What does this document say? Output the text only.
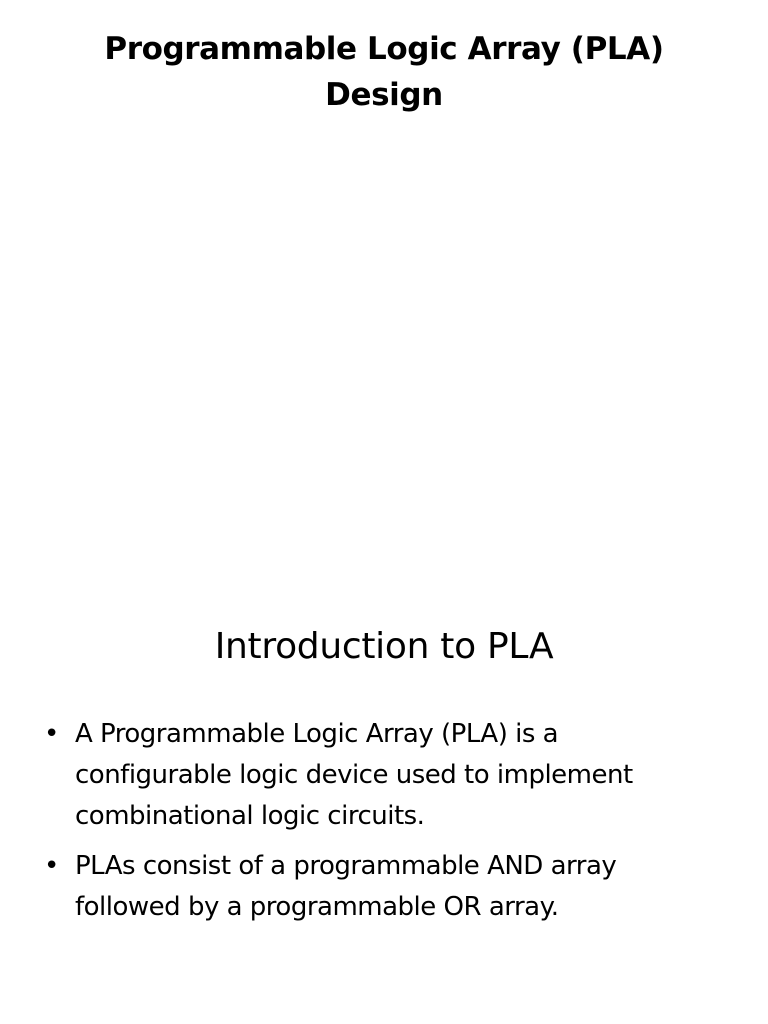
Programmable Logic Array (PLA)
Design
Introduction to PLA
• A Programmable Logic Array (PLA) is a
configurable logic device used to implement
combinational logic circuits.
• PLAs consist of a programmable AND array
followed by a programmable OR array.
